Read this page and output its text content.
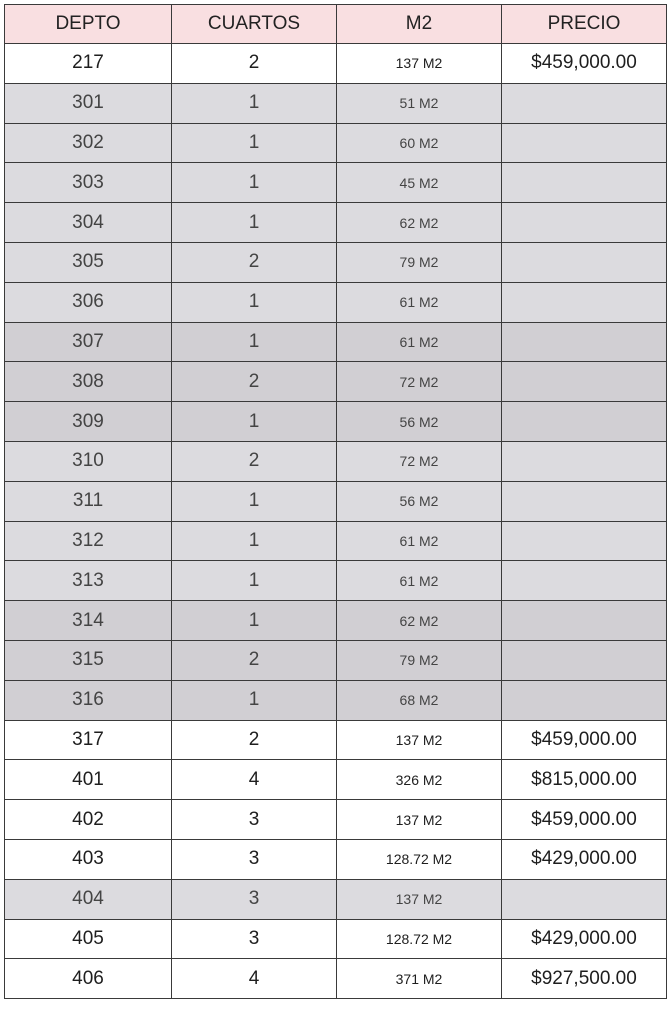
DEPTO	CUARTOS	M2	PRECIO
217	2	137 M2	$459,000.00
301	1	51 M2	
302	1	60 M2	
303	1	45 M2	
304	1	62 M2	
305	2	79 M2	
306	1	61 M2	
307	1	61 M2	
308	2	72 M2	
309	1	56 M2	
310	2	72 M2	
311	1	56 M2	
312	1	61 M2	
313	1	61 M2	
314	1	62 M2	
315	2	79 M2	
316	1	68 M2	
317	2	137 M2	$459,000.00
401	4	326 M2	$815,000.00
402	3	137 M2	$459,000.00
403	3	128.72 M2	$429,000.00
404	3	137 M2	
405	3	128.72 M2	$429,000.00
406	4	371 M2	$927,500.00
